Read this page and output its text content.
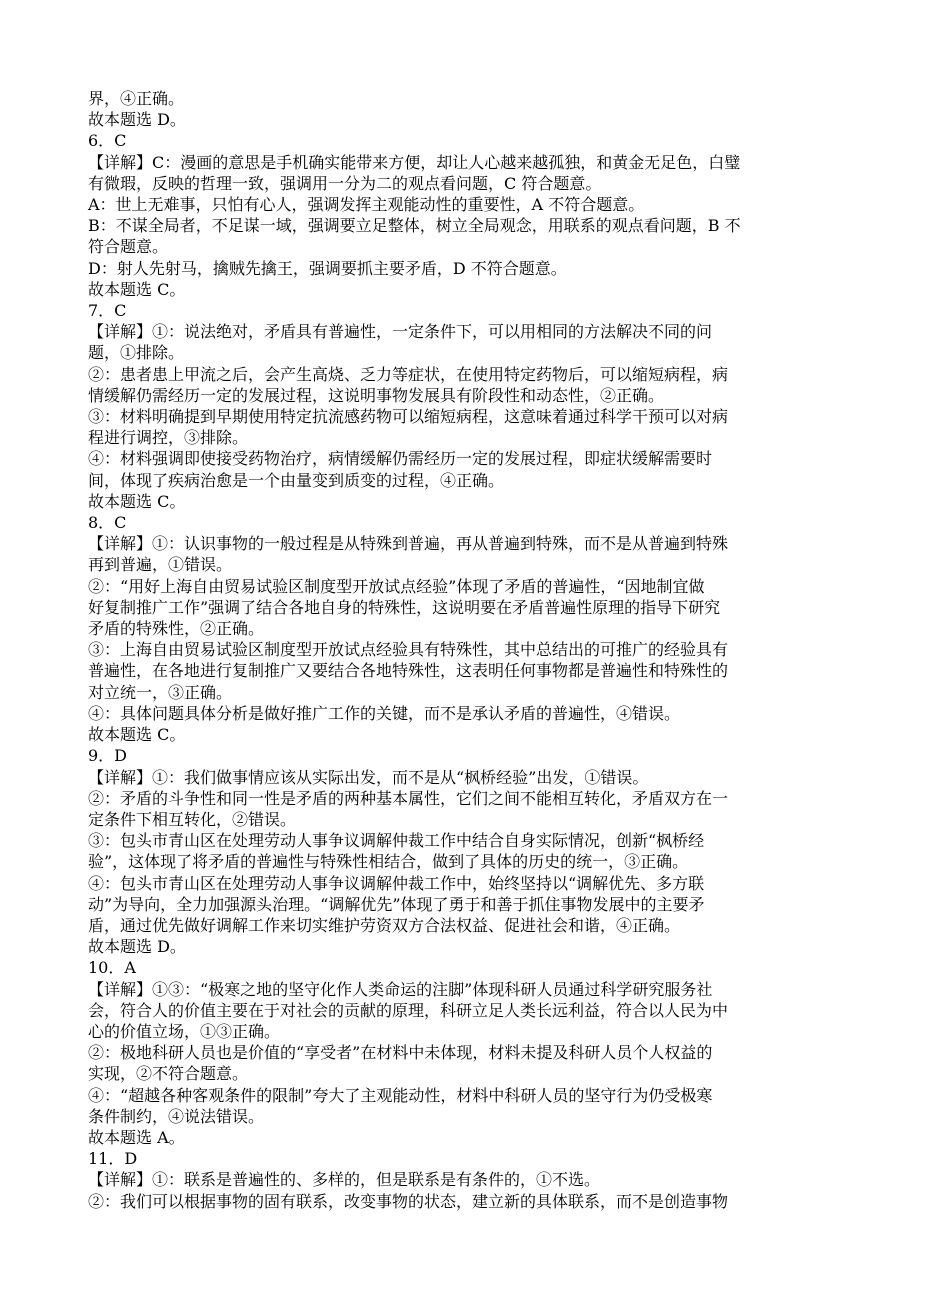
界，④正确。

故本题选 D。

6．C

【详解】C：漫画的意思是手机确实能带来方便，却让人心越来越孤独，和黄金无足色，白璧

有微瑕，反映的哲理一致，强调用一分为二的观点看问题，C 符合题意。

A：世上无难事，只怕有心人，强调发挥主观能动性的重要性，A 不符合题意。

B：不谋全局者，不足谋一域，强调要立足整体，树立全局观念，用联系的观点看问题，B 不

符合题意。

D：射人先射马，擒贼先擒王，强调要抓主要矛盾，D 不符合题意。

故本题选 C。

7．C

【详解】①：说法绝对，矛盾具有普遍性，一定条件下，可以用相同的方法解决不同的问

题，①排除。

②：患者患上甲流之后，会产生高烧、乏力等症状，在使用特定药物后，可以缩短病程，病

情缓解仍需经历一定的发展过程，这说明事物发展具有阶段性和动态性，②正确。

③：材料明确提到早期使用特定抗流感药物可以缩短病程，这意味着通过科学干预可以对病

程进行调控，③排除。

④：材料强调即使接受药物治疗，病情缓解仍需经历一定的发展过程，即症状缓解需要时

间，体现了疾病治愈是一个由量变到质变的过程，④正确。

故本题选 C。

8．C

【详解】①：认识事物的一般过程是从特殊到普遍，再从普遍到特殊，而不是从普遍到特殊

再到普遍，①错误。

②：“用好上海自由贸易试验区制度型开放试点经验”体现了矛盾的普遍性，“因地制宜做

好复制推广工作”强调了结合各地自身的特殊性，这说明要在矛盾普遍性原理的指导下研究

矛盾的特殊性，②正确。

③：上海自由贸易试验区制度型开放试点经验具有特殊性，其中总结出的可推广的经验具有

普遍性，在各地进行复制推广又要结合各地特殊性，这表明任何事物都是普遍性和特殊性的

对立统一，③正确。

④：具体问题具体分析是做好推广工作的关键，而不是承认矛盾的普遍性，④错误。

故本题选 C。

9．D

【详解】①：我们做事情应该从实际出发，而不是从“枫桥经验”出发，①错误。

②：矛盾的斗争性和同一性是矛盾的两种基本属性，它们之间不能相互转化，矛盾双方在一

定条件下相互转化，②错误。

③：包头市青山区在处理劳动人事争议调解仲裁工作中结合自身实际情况，创新“枫桥经

验”，这体现了将矛盾的普遍性与特殊性相结合，做到了具体的历史的统一，③正确。

④：包头市青山区在处理劳动人事争议调解仲裁工作中，始终坚持以“调解优先、多方联

动”为导向，全力加强源头治理。“调解优先”体现了勇于和善于抓住事物发展中的主要矛

盾，通过优先做好调解工作来切实维护劳资双方合法权益、促进社会和谐，④正确。

故本题选 D。

10．A

【详解】①③：“极寒之地的坚守化作人类命运的注脚”体现科研人员通过科学研究服务社

会，符合人的价值主要在于对社会的贡献的原理，科研立足人类长远利益，符合以人民为中

心的价值立场，①③正确。

②：极地科研人员也是价值的“享受者”在材料中未体现，材料未提及科研人员个人权益的

实现，②不符合题意。

④：“超越各种客观条件的限制”夸大了主观能动性，材料中科研人员的坚守行为仍受极寒

条件制约，④说法错误。

故本题选 A。

11．D

【详解】①：联系是普遍性的、多样的，但是联系是有条件的，①不选。

②：我们可以根据事物的固有联系，改变事物的状态，建立新的具体联系，而不是创造事物
